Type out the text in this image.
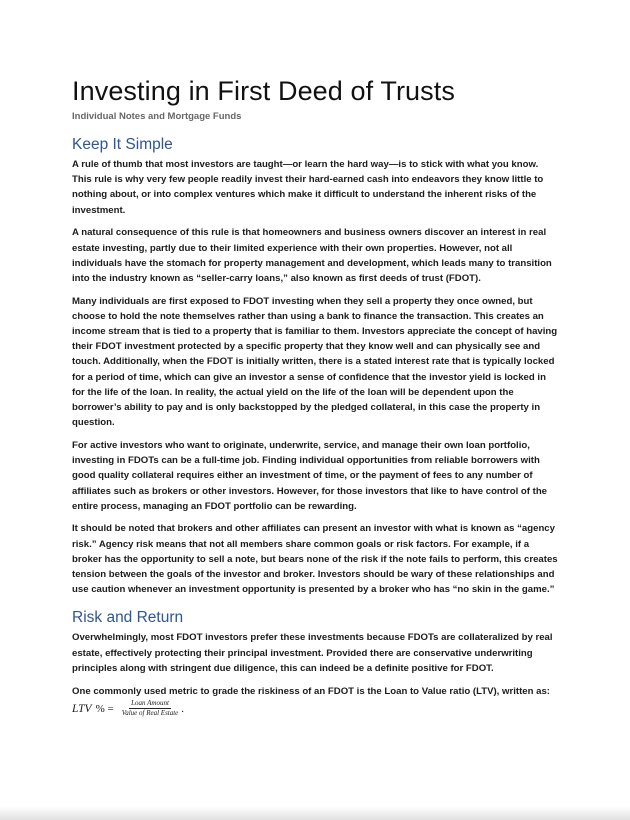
Investing in First Deed of Trusts
Individual Notes and Mortgage Funds
Keep It Simple

A rule of thumb that most investors are taught—or learn the hard way—is to stick with what you know. This rule is why very few people readily invest their hard-earned cash into endeavors they know little to nothing about, or into complex ventures which make it difficult to understand the inherent risks of the investment.

A natural consequence of this rule is that homeowners and business owners discover an interest in real estate investing, partly due to their limited experience with their own properties. However, not all individuals have the stomach for property management and development, which leads many to transition into the industry known as “seller-carry loans,” also known as first deeds of trust (FDOT).

Many individuals are first exposed to FDOT investing when they sell a property they once owned, but choose to hold the note themselves rather than using a bank to finance the transaction. This creates an income stream that is tied to a property that is familiar to them. Investors appreciate the concept of having their FDOT investment protected by a specific property that they know well and can physically see and touch. Additionally, when the FDOT is initially written, there is a stated interest rate that is typically locked for a period of time, which can give an investor a sense of confidence that the investor yield is locked in for the life of the loan. In reality, the actual yield on the life of the loan will be dependent upon the borrower’s ability to pay and is only backstopped by the pledged collateral, in this case the property in question.

For active investors who want to originate, underwrite, service, and manage their own loan portfolio, investing in FDOTs can be a full-time job. Finding individual opportunities from reliable borrowers with good quality collateral requires either an investment of time, or the payment of fees to any number of affiliates such as brokers or other investors. However, for those investors that like to have control of the entire process, managing an FDOT portfolio can be rewarding.

It should be noted that brokers and other affiliates can present an investor with what is known as “agency risk.” Agency risk means that not all members share common goals or risk factors. For example, if a broker has the opportunity to sell a note, but bears none of the risk if the note fails to perform, this creates tension between the goals of the investor and broker. Investors should be wary of these relationships and use caution whenever an investment opportunity is presented by a broker who has “no skin in the game.”

Risk and Return

Overwhelmingly, most FDOT investors prefer these investments because FDOTs are collateralized by real estate, effectively protecting their principal investment. Provided there are conservative underwriting principles along with stringent due diligence, this can indeed be a definite positive for FDOT.

One commonly used metric to grade the riskiness of an FDOT is the Loan to Value ratio (LTV), written as:

LTV % = $\frac{\text{Loan Amount}}{\text{Value of Real Estate}}$ .
